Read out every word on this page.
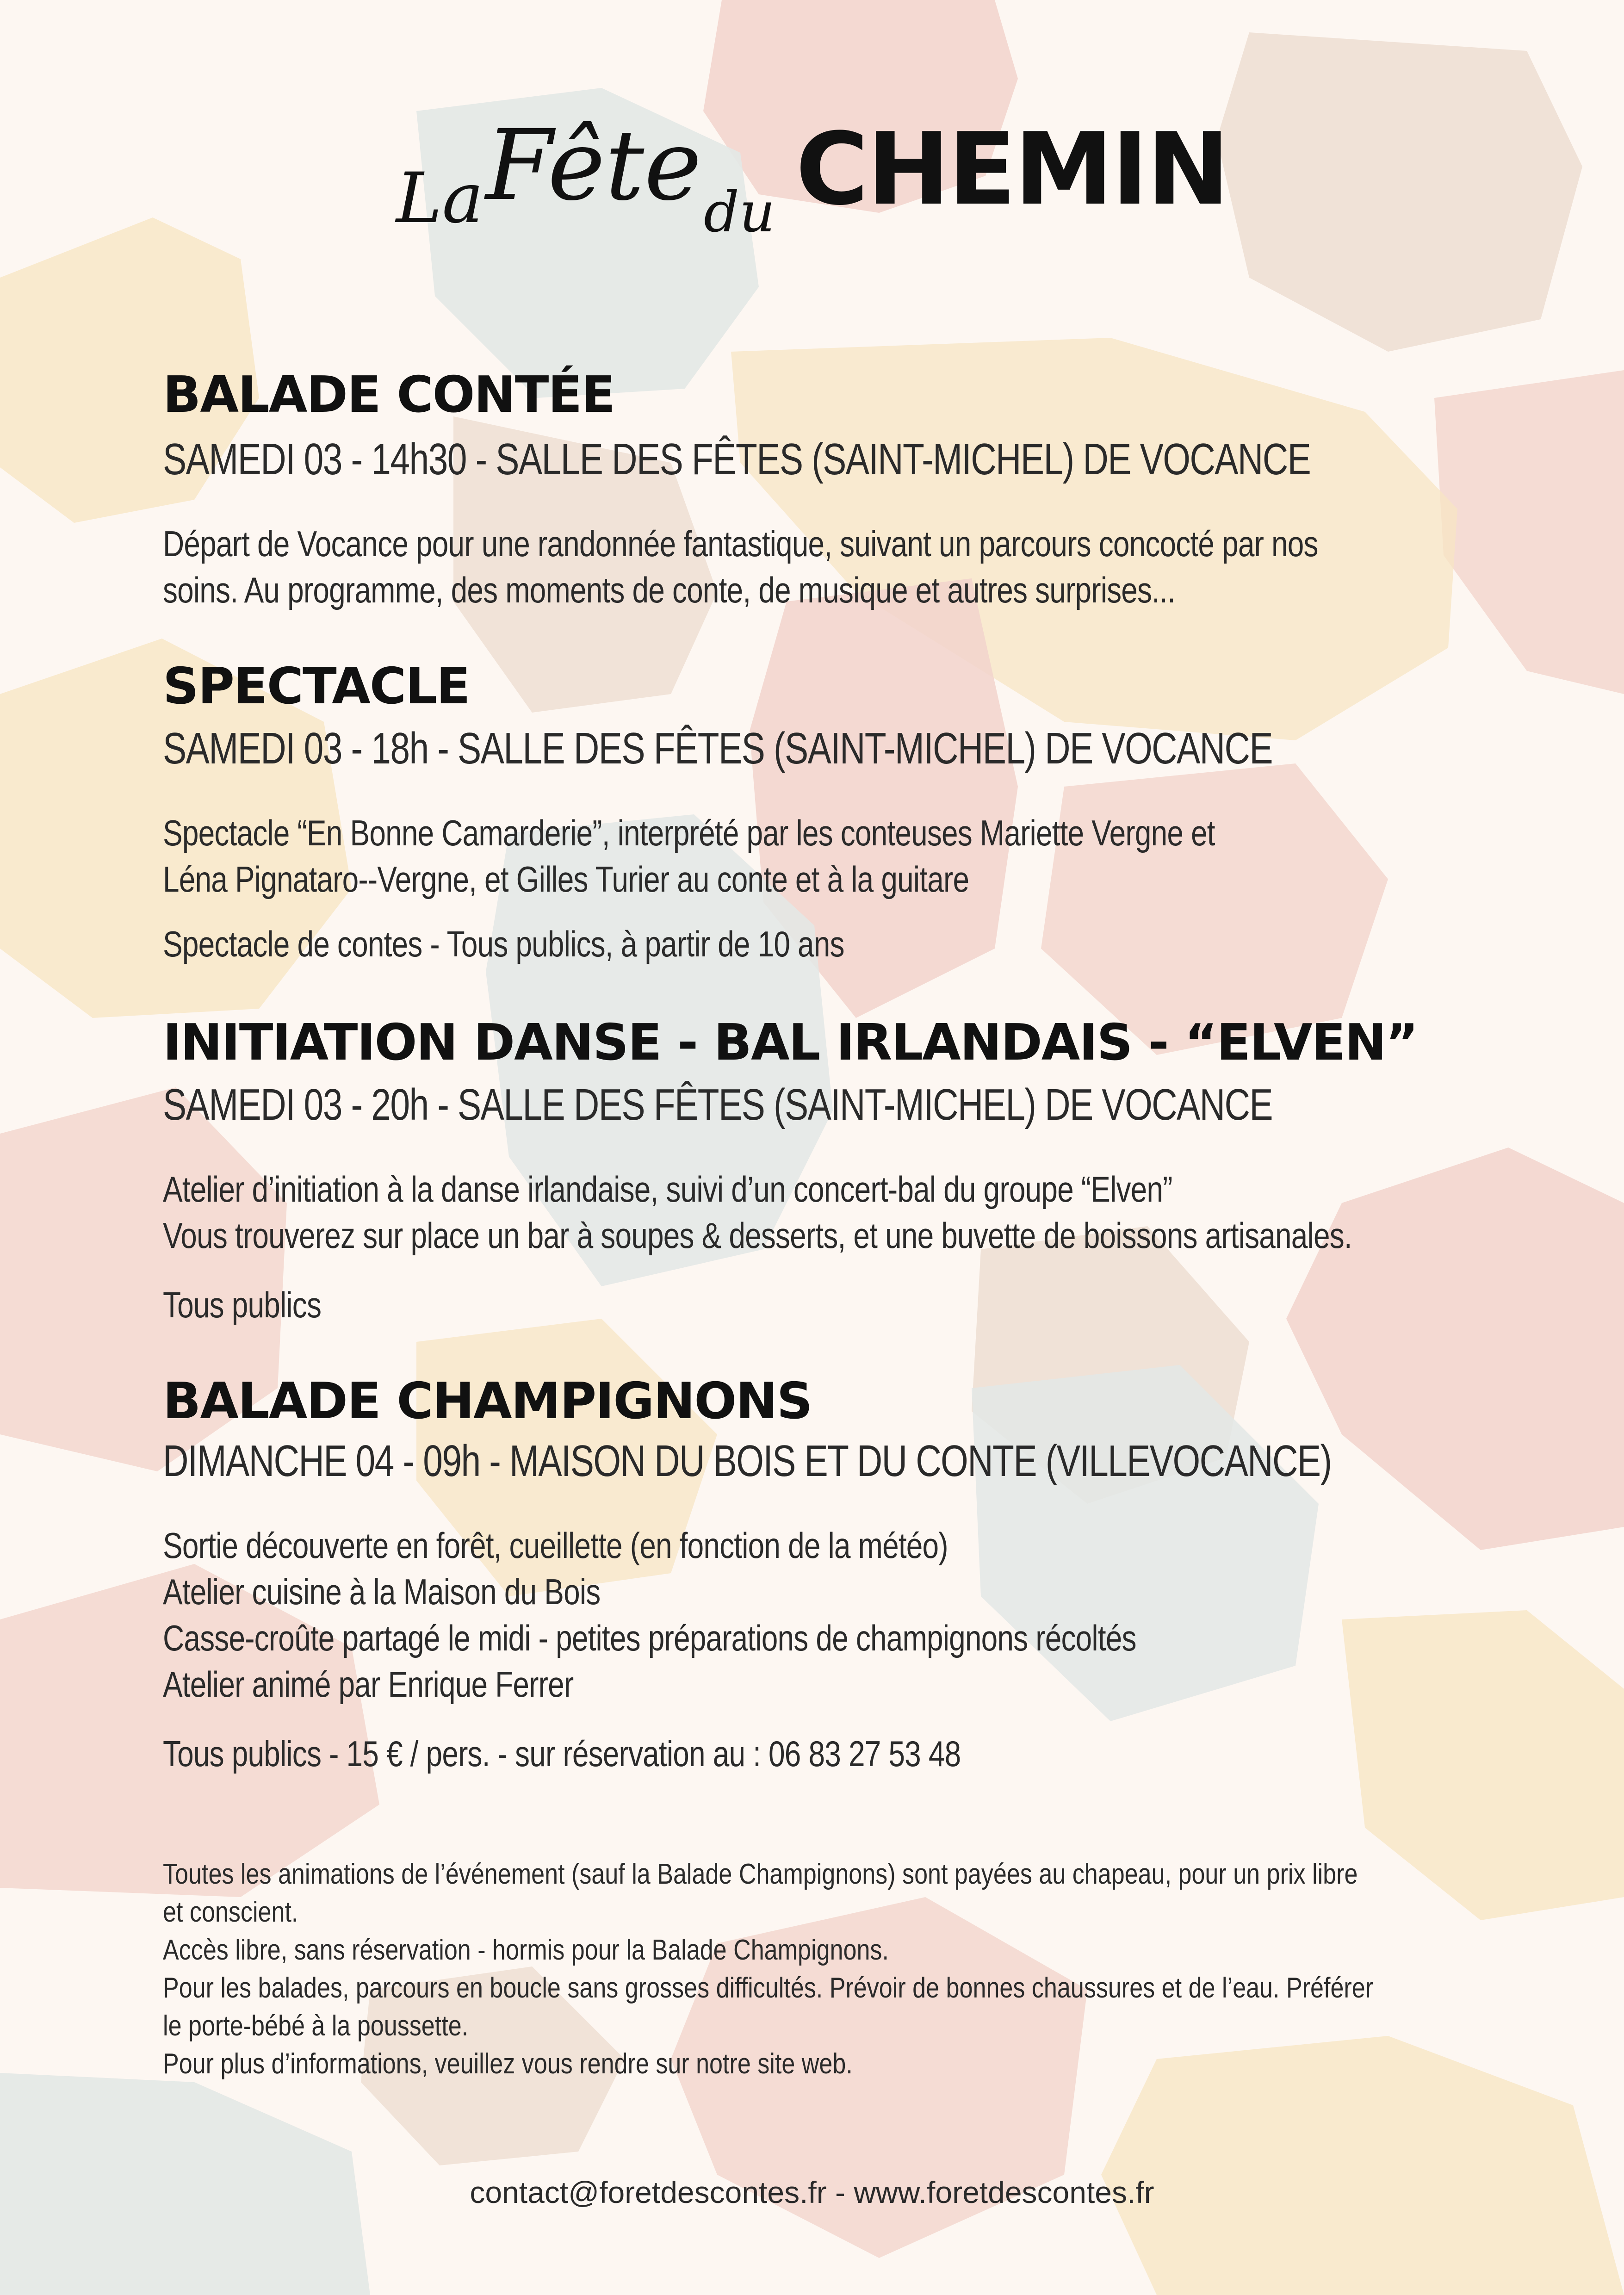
La Fête du CHEMIN
BALADE CONTÉE

SAMEDI 03 - 14h30 - SALLE DES FÊTES (SAINT-MICHEL) DE VOCANCE

Départ de Vocance pour une randonnée fantastique, suivant un parcours concocté par nos
soins. Au programme, des moments de conte, de musique et autres surprises...

SPECTACLE

SAMEDI 03 - 18h - SALLE DES FÊTES (SAINT-MICHEL) DE VOCANCE

Spectacle “En Bonne Camarderie”, interprété par les conteuses Mariette Vergne et
Léna Pignataro--Vergne, et Gilles Turier au conte et à la guitare

Spectacle de contes - Tous publics, à partir de 10 ans

INITIATION DANSE - BAL IRLANDAIS - “ELVEN”

SAMEDI 03 - 20h - SALLE DES FÊTES (SAINT-MICHEL) DE VOCANCE

Atelier d’initiation à la danse irlandaise, suivi d’un concert-bal du groupe “Elven”
Vous trouverez sur place un bar à soupes & desserts, et une buvette de boissons artisanales.

Tous publics

BALADE CHAMPIGNONS

DIMANCHE 04 - 09h - MAISON DU BOIS ET DU CONTE (VILLEVOCANCE)

Sortie découverte en forêt, cueillette (en fonction de la météo)
Atelier cuisine à la Maison du Bois
Casse-croûte partagé le midi - petites préparations de champignons récoltés
Atelier animé par Enrique Ferrer

Tous publics - 15 € / pers. - sur réservation au : 06 83 27 53 48

Toutes les animations de l’événement (sauf la Balade Champignons) sont payées au chapeau, pour un prix libre
et conscient.
Accès libre, sans réservation - hormis pour la Balade Champignons.
Pour les balades, parcours en boucle sans grosses difficultés. Prévoir de bonnes chaussures et de l’eau. Préférer
le porte-bébé à la poussette.
Pour plus d’informations, veuillez vous rendre sur notre site web.

contact@foretdescontes.fr - www.foretdescontes.fr
